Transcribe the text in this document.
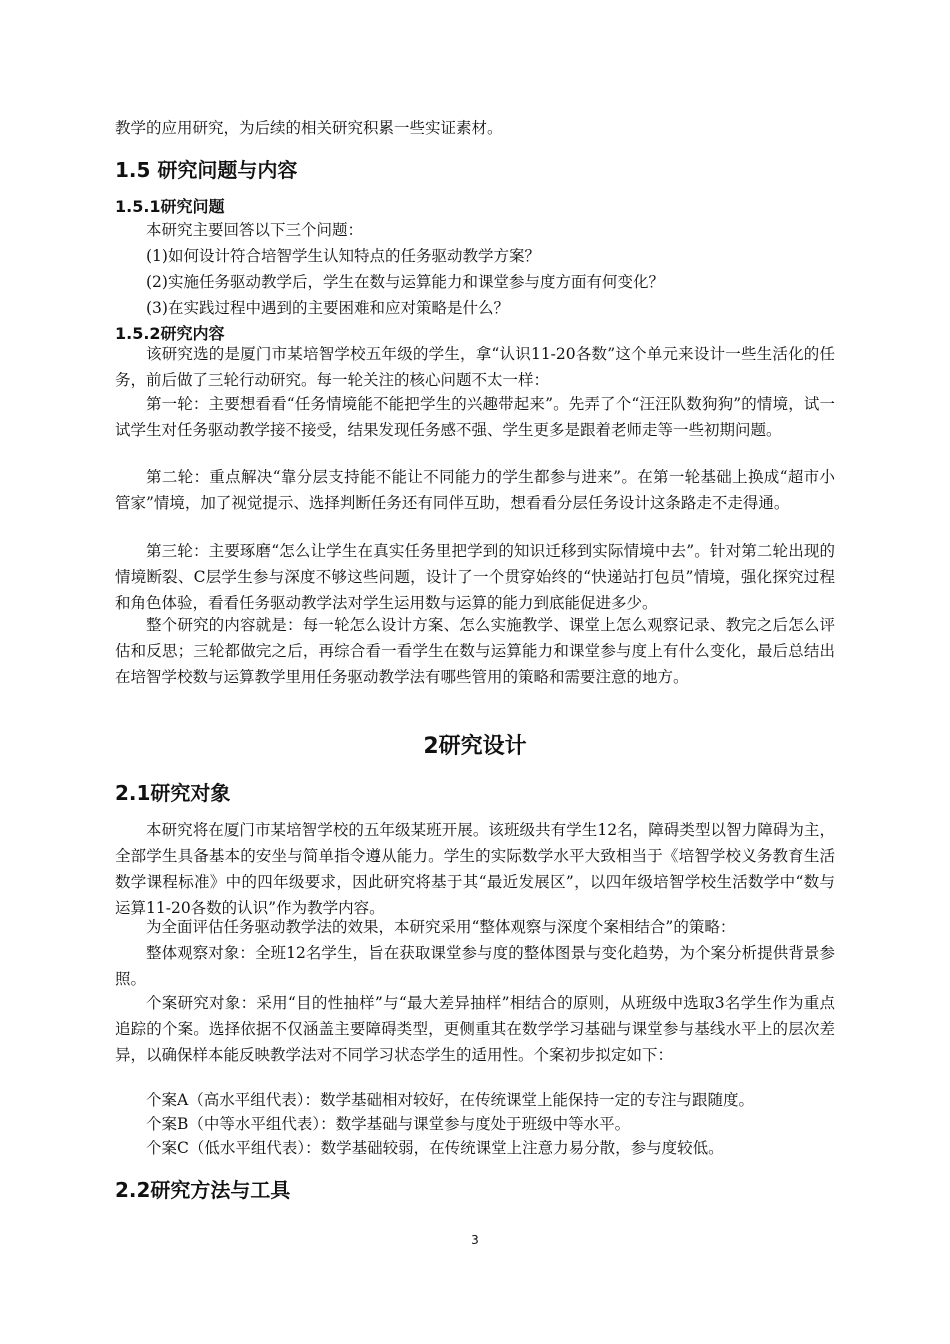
教学的应用研究，为后续的相关研究积累一些实证素材。

1.5 研究问题与内容
1.5.1研究问题

本研究主要回答以下三个问题：

(1)如何设计符合培智学生认知特点的任务驱动教学方案？

(2)实施任务驱动教学后，学生在数与运算能力和课堂参与度方面有何变化？

(3)在实践过程中遇到的主要困难和应对策略是什么？

1.5.2研究内容

该研究选的是厦门市某培智学校五年级的学生，拿“认识11-20各数”这个单元来设计一些生活化的任务，前后做了三轮行动研究。每一轮关注的核心问题不太一样：

第一轮：主要想看看“任务情境能不能把学生的兴趣带起来”。先弄了个“汪汪队数狗狗”的情境，试一试学生对任务驱动教学接不接受，结果发现任务感不强、学生更多是跟着老师走等一些初期问题。

第二轮：重点解决“靠分层支持能不能让不同能力的学生都参与进来”。在第一轮基础上换成“超市小管家”情境，加了视觉提示、选择判断任务还有同伴互助，想看看分层任务设计这条路走不走得通。

第三轮：主要琢磨“怎么让学生在真实任务里把学到的知识迁移到实际情境中去”。针对第二轮出现的情境断裂、C层学生参与深度不够这些问题，设计了一个贯穿始终的“快递站打包员”情境，强化探究过程和角色体验，看看任务驱动教学法对学生运用数与运算的能力到底能促进多少。

整个研究的内容就是：每一轮怎么设计方案、怎么实施教学、课堂上怎么观察记录、教完之后怎么评估和反思；三轮都做完之后，再综合看一看学生在数与运算能力和课堂参与度上有什么变化，最后总结出在培智学校数与运算教学里用任务驱动教学法有哪些管用的策略和需要注意的地方。

2研究设计
2.1研究对象

本研究将在厦门市某培智学校的五年级某班开展。该班级共有学生12名，障碍类型以智力障碍为主，全部学生具备基本的安坐与简单指令遵从能力。学生的实际数学水平大致相当于《培智学校义务教育生活数学课程标准》中的四年级要求，因此研究将基于其“最近发展区”，以四年级培智学校生活数学中“数与运算11-20各数的认识”作为教学内容。

为全面评估任务驱动教学法的效果，本研究采用“整体观察与深度个案相结合”的策略：

整体观察对象：全班12名学生，旨在获取课堂参与度的整体图景与变化趋势，为个案分析提供背景参照。

个案研究对象：采用“目的性抽样”与“最大差异抽样”相结合的原则，从班级中选取3名学生作为重点追踪的个案。选择依据不仅涵盖主要障碍类型，更侧重其在数学学习基础与课堂参与基线水平上的层次差异，以确保样本能反映教学法对不同学习状态学生的适用性。个案初步拟定如下：

个案A（高水平组代表）：数学基础相对较好，在传统课堂上能保持一定的专注与跟随度。

个案B（中等水平组代表）：数学基础与课堂参与度处于班级中等水平。

个案C（低水平组代表）：数学基础较弱，在传统课堂上注意力易分散，参与度较低。

2.2研究方法与工具
3
